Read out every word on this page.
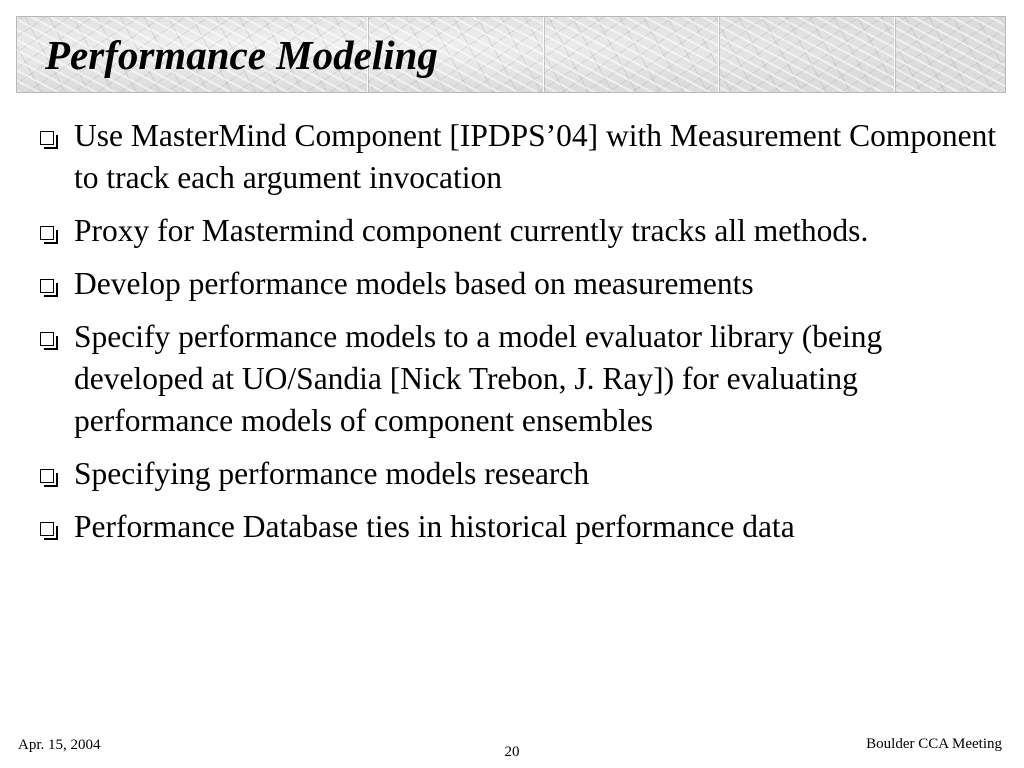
Performance Modeling

Use MasterMind Component [IPDPS’04] with Measurement Component to track each argument invocation

Proxy for Mastermind component currently tracks all methods.

Develop performance models based on measurements

Specify performance models to a model evaluator library (being developed at UO/Sandia [Nick Trebon, J. Ray]) for evaluating performance models of component ensembles

Specifying performance models research

Performance Database ties in historical performance data

Apr. 15, 2004	20	Boulder CCA Meeting
